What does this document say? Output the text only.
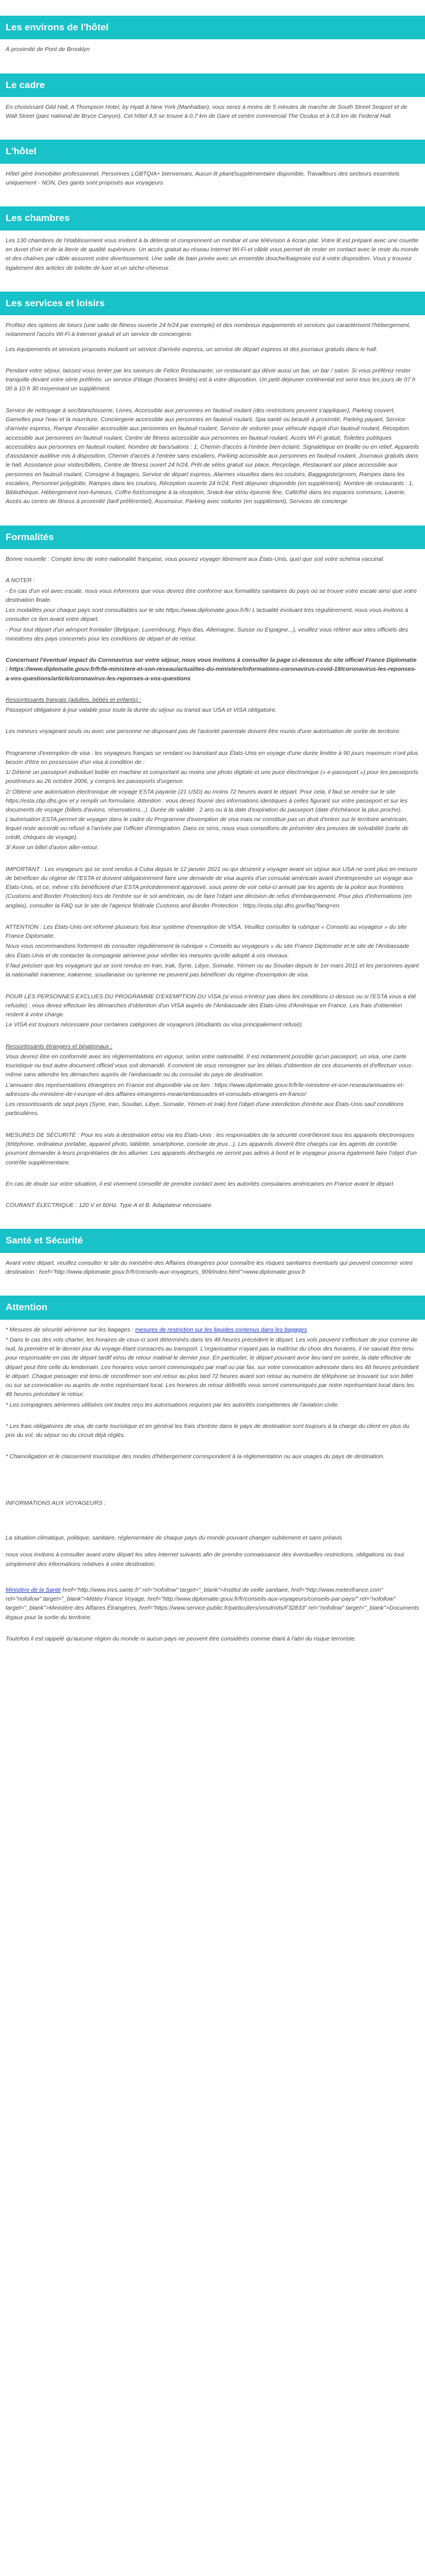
Les environs de l'hôtel

À proximité de Pont de Brooklyn

Le cadre

En choisissant Gild Hall, A Thompson Hotel, by Hyatt à New York (Manhattan), vous serez à moins de 5 minutes de marche de South Street Seaport et de Wall Street (parc national de Bryce Canyon). Cet hôtel 4,5 se trouve à 0,7 km de Gare et centre commercial The Oculus et à 0,8 km de Federal Hall.

L'hôtel

Hôtel géré Immobilier professionnel, Personnes LGBTQIA+ bienvenues, Aucun lit pliant/supplémentaire disponible, Travailleurs des secteurs essentiels uniquement - NON, Des gants sont proposés aux voyageurs

Les chambres

Les 130 chambres de l'établissement vous invitent à la détente et comprennent un minibar et une télévision à écran plat. Votre lit est préparé avec une couette en duvet d'oie et de la literie de qualité supérieure. Un accès gratuit au réseau Internet Wi-Fi et câblé vous permet de rester en contact avec le reste du monde et des chaînes par câble assurent votre divertissement. Une salle de bain privée avec un ensemble douche/baignoire est à votre disposition. Vous y trouvez également des articles de toilette de luxe et un sèche-cheveux.

Les services et loisirs

Profitez des options de loisirs (une salle de fitness ouverte 24 h/24 par exemple) et des nombreux équipements et services qui caractérisent l'hébergement, notamment l'accès Wi-Fi à Internet gratuit et un service de conciergerie.

Les équipements et services proposés incluent un service d'arrivée express, un service de départ express et des journaux gratuits dans le hall.

Pendant votre séjour, laissez-vous tenter par les saveurs de Felice Restaurante, un restaurant qui dévie aussi un bar, un bar / salon. Si vous préférez rester tranquille devant votre série préférée, un service d'étage (horaires limités) est à votre disposition. Un petit déjeuner continental est servi tous les jours de 07 h 00 à 10 h 30 moyennant un supplément.

Service de nettoyage à sec/blanchisserie, Livres, Accessible aux personnes en fauteuil roulant (des restrictions peuvent s'appliquer), Parking couvert, Gamelles pour l'eau et la nourriture, Conciergerie accessible aux personnes en fauteuil roulant, Spa santé ou beauté à proximité, Parking payant, Service d'arrivée express, Rampe d'escalier accessible aux personnes en fauteuil roulant, Service de voiturier pour véhicule équipé d'un fauteuil roulant, Réception accessible aux personnes en fauteuil roulant, Centre de fitness accessible aux personnes en fauteuil roulant, Accès Wi-Fi gratuit, Toilettes publiques accessibles aux personnes en fauteuil roulant, Nombre de bars/salons : 1, Chemin d'accès à l'entrée bien éclairé, Signalétique en braille ou en relief, Appareils d'assistance auditive mis à disposition, Chemin d'accès à l'entrée sans escaliers, Parking accessible aux personnes en fauteuil roulant, Journaux gratuits dans le hall, Assistance pour visites/billets, Centre de fitness ouvert 24 h/24, Prêt de vélos gratuit sur place, Recyclage, Restaurant sur place accessible aux personnes en fauteuil roulant, Consigne à bagages, Service de départ express, Alarmes visuelles dans les couloirs, Baggagiste/groom, Rampes dans les escaliers, Personnel polyglotte, Rampes dans les couloirs, Réception ouverte 24 h/24, Petit déjeuner disponible (en supplément), Nombre de restaurants : 1, Bibliothèque, Hébergement non-fumeurs, Coffre-fort/consigne à la réception, Snack-bar et/ou épicerie fine, Café/thé dans les espaces communs, Laverie, Accès au centre de fitness à proximité (tarif préférentiel), Ascenseur, Parking avec voiturier (en supplément), Services de concierge

Formalités

Bonne nouvelle : Compte tenu de votre nationalité française, vous pouvez voyager librement aux États-Unis, quel que soit votre schéma vaccinal.

A NOTER :

- En cas d'un vol avec escale, nous vous informons que vous devrez être conforme aux formalités sanitaires du pays où se trouve votre escale ainsi que votre destination finale.

Les modalités pour chaque pays sont consultables sur le site https://www.diplomatie.gouv.fr/fr/ L'actualité évoluant très régulièrement, nous vous invitons à consulter ce lien avant votre départ.

- Pour tout départ d'un aéroport frontalier (Belgique, Luxembourg, Pays-Bas, Allemagne, Suisse ou Espagne...), veuillez vous référer aux sites officiels des ministères des pays concernés pour les conditions de départ et de retour.

Concernant l'éventuel impact du Coronavirus sur votre séjour, nous vous invitons à consulter la page ci-dessous du site officiel France Diplomatie : https://www.diplomatie.gouv.fr/fr/le-ministere-et-son-reseau/actualites-du-ministere/informations-coronavirus-covid-19/coronavirus-les-reponses-a-vos-questions/article/coronavirus-les-reponses-a-vos-questions

Ressortissants français (adultes, bébés et enfants) :

Passeport obligatoire à jour valable pour toute la durée du séjour ou transit aux USA et VISA obligatoire.

Les mineurs voyageant seuls ou avec une personne ne disposant pas de l'autorité parentale doivent être munis d'une autorisation de sortie de territoire.

Programme d'exemption de visa : les voyageurs français se rendant ou transitant aux États-Unis en voyage d'une durée limitée à 90 jours maximum n'ont plus besoin d'être en possession d'un visa à condition de :

1/ Détenir un passeport individuel lisible en machine et comportant au moins une photo digitale et une puce électronique (« e-passeport ») pour les passeports postérieurs au 26 octobre 2006, y compris les passeports d'urgence.

2/ Obtenir une autorisation électronique de voyage ESTA payante (21 USD) au moins 72 heures avant le départ. Pour cela, il faut se rendre sur le site https://esta.cbp.dhs.gov et y remplir un formulaire. Attention : vous devez fournir des informations identiques à celles figurant sur votre passeport et sur les documents de voyage (billets d'avions, réservations...). Durée de validité : 2 ans ou à la date d'expiration du passeport (date d'échéance la plus proche). L'autorisation ESTA permet de voyager dans le cadre du Programme d'exemption de visa mais ne constitue pas un droit d'entrer sur le territoire américain, lequel reste accordé ou refusé à l'arrivée par l'officier d'immigration. Dans ce sens, nous vous conseillons de présenter des preuves de solvabilité (carte de crédit, chèques de voyage).

3/ Avoir un billet d'avion aller-retour.

IMPORTANT : Les voyageurs qui se sont rendus à Cuba depuis le 12 janvier 2021 ou qui désirent y voyager avant un séjour aux USA ne sont plus en mesure de bénéficier du régime de l'ESTA et doivent obligatoirement faire une demande de visa auprès d'un consulat américain avant d'entreprendre un voyage aux États-Unis, et ce, même s'ils bénéficient d'un ESTA précédemment approuvé, sous peine de voir celui-ci annulé par les agents de la police aux frontières (Customs and Border Protection) lors de l'entrée sur le sol américain, ou de faire l'objet une décision de refus d'embarquement. Pour plus d'informations (en anglais), consulter la FAQ sur le site de l'agence fédérale Customs and Border Protection : https://esta.cbp.dhs.gov/faq?lang=en.

ATTENTION : Les États-Unis ont réformé plusieurs fois leur système d'exemption de VISA. Veuillez consulter la rubrique « Conseils au voyageur » du site France Diplomatie.

Nous vous recommandons fortement de consulter régulièrement la rubrique « Conseils au voyageurs » du site France Diplomatie et le site de l'Ambassade des États-Unis et de contacter la compagnie aérienne pour vérifier les mesures qu'elle adopté à vos niveaux.

Il faut préciser que les voyageurs qui se sont rendus en Iran, Irak, Syrie, Libye, Somalie, Yémen ou au Soudan depuis le 1er mars 2011 et les personnes ayant la nationalité iranienne, irakienne, soudanaise ou syrienne ne peuvent pas bénéficier du régime d'exemption de visa.

POUR LES PERSONNES EXCLUES DU PROGRAMME D'EXEMPTION DU VISA (si vous n'entrez pas dans les conditions ci-dessus ou si l'ESTA vous a été refusée) : vous devez effectuer les démarches d'obtention d'un VISA auprès de l'Ambassade des États-Unis d'Amérique en France. Les frais d'obtention restent à votre charge.

Le VISA est toujours nécessaire pour certaines catégories de voyageurs (étudiants ou visa principalement refusé).

Ressortissants étrangers et binationaux :

Vous devrez être en conformité avec les réglementations en vigueur, selon votre nationalité. Il est notamment possible qu'un passeport, un visa, une carte touristique ou tout autre document officiel vous soit demandé. Il convient de vous renseigner sur les délais d'obtention de ces documents et d'effectuer vous-même sans attendre les démarches auprès de l'ambassade ou du consulat du pays de destination.

L'annuaire des représentations étrangères en France est disponible via ce lien : https://www.diplomatie.gouv.fr/fr/le-ministere-et-son-reseau/annuaires-et-adresses-du-ministere-de-l-europe-et-des-affaires-etrangeres-meae/ambassades-et-consulats-etrangers-en-france/

Les ressortissants de sept pays (Syrie, Iran, Soudan, Libye, Somalie, Yémen et Irak) font l'objet d'une interdiction d'entrée aux États-Unis sauf conditions particulières.

MESURES DE SÉCURITÉ : Pour les vols à destination et/ou via les États-Unis : les responsables de la sécurité contrôleront tous les appareils électroniques (téléphone, ordinateur portable, appareil photo, tablette, smartphone, console de jeux...). Les appareils doivent être chargés car les agents de contrôle pourront demander à leurs propriétaires de les allumer. Les appareils déchargés ne seront pas admis à bord et le voyageur pourra également faire l'objet d'un contrôle supplémentaire.

En cas de doute sur votre situation, il est vivement conseillé de prendre contact avec les autorités consulaires américaines en France avant le départ.

COURANT ÉLECTRIQUE : 120 V et 60Hz. Type A et B. Adaptateur nécessaire.

Santé et Sécurité

Avant votre départ, veuillez consulter le site du ministère des Affaires étrangères pour connaître les risques sanitaires éventuels qui peuvent concerner votre destination : href="http://www.diplomatie.gouv.fr/fr/conseils-aux-voyageurs_909/index.html">www.diplomatie.gouv.fr

Attention

* Mesures de sécurité aérienne sur les bagages : mesures de restriction sur les liquides contenus dans les bagages

* Dans le cas des vols charter, les horaires de ceux-ci sont déterminés dans les 48 heures précédent le départ. Les vols peuvent s'effectuer de jour comme de nuit, la première et le dernier jour du voyage étant consacrés au transport. L'organisateur n'ayant pas la maîtrise du choix des horaires, il ne saurait être tenu pour responsable en cas de départ tardif et/ou de retour matinal le dernier jour. En particulier, le départ pouvant avoir lieu tard en soirée, la date effective de départ peut être celle du lendemain. Les horaires vous seront communiqués par mail ou par fax, sur votre convocation adressée dans les 48 heures précédant le départ. Chaque passager est tenu de reconfirmer son vol retour au plus tard 72 heures avant son retour au numéro de téléphone se trouvant sur son billet ou sur sa convocation ou auprès de notre représentant local. Les horaires de retour définitifs vous seront communiqués par notre représentant local dans les 48 heures précédant le retour.

* Les compagnies aériennes utilisées ont toutes reçu les autorisations requises par les autorités compétentes de l'aviation civile.

* Les frais obligatoires de visa, de carte touristique et en général les frais d'entrée dans le pays de destination sont toujours à la charge du client en plus du prix du vol, du séjour ou du circuit déjà réglés.

* Chamoligation et le classement touristique des modes d'hébergement correspondent à la réglementation ou aux usages du pays de destination.

INFORMATIONS AUX VOYAGEURS :

La situation climatique, politique, sanitaire, réglementaire de chaque pays du monde pouvant changer subitement et sans préavis

nous vous invitons à consulter avant votre départ les sites Internet suivants afin de prendre connaissance des éventuelles restrictions, obligations ou tout simplement des informations relatives à votre destination.

Ministère de la Santé href="http://www.invs.sante.fr" rel="nofollow" target="_blank">Institut de veille sanitaire, href="http://www.meteofrance.com" rel="nofollow" target="_blank">Météo France Voyage, href="http://www.diplomatie.gouv.fr/fr/conseils-aux-voyageurs/conseils-par-pays/" rel="nofollow" target="_blank">Ministère des Affaires Étrangères, href="https://www.service-public.fr/particuliers/vosdroits/F32833" rel="nofollow" target="_blank">Documents légaux pour la sortie du territoire.

Toutefois il est rappelé qu'aucune région du monde ni aucun pays ne peuvent être considérés comme étant à l'abri du risque terroriste.
